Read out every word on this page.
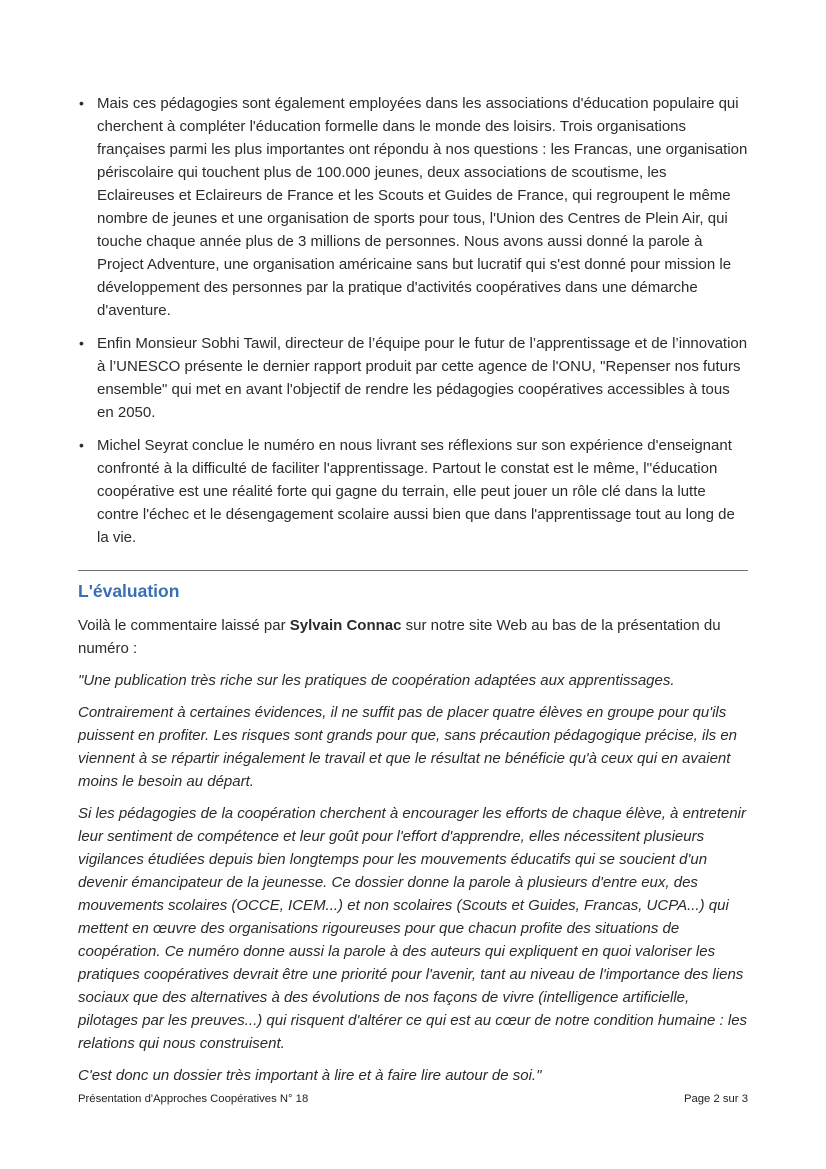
• Mais ces pédagogies sont également employées dans les associations d'éducation populaire qui cherchent à compléter l'éducation formelle dans le monde des loisirs. Trois organisations françaises parmi les plus importantes ont répondu à nos questions : les Francas, une organisation périscolaire qui touchent plus de 100.000 jeunes, deux associations de scoutisme, les Eclaireuses et Eclaireurs de France et les Scouts et Guides de France, qui regroupent le même nombre de jeunes et une organisation de sports pour tous, l'Union des Centres de Plein Air, qui touche chaque année plus de 3 millions de personnes. Nous avons aussi donné la parole à Project Adventure, une organisation américaine sans but lucratif qui s'est donné pour mission le développement des personnes par la pratique d'activités coopératives dans une démarche d'aventure.
• Enfin Monsieur Sobhi Tawil, directeur de l’équipe pour le futur de l’apprentissage et de l’innovation à l’UNESCO présente le dernier rapport produit par cette agence de l'ONU, "Repenser nos futurs ensemble" qui met en avant l'objectif de rendre les pédagogies coopératives accessibles à tous en 2050.
• Michel Seyrat conclue le numéro en nous livrant ses réflexions sur son expérience d'enseignant confronté à la difficulté de faciliter l'apprentissage. Partout le constat est le même, l''éducation coopérative est une réalité forte qui gagne du terrain, elle peut jouer un rôle clé dans la lutte contre l'échec et le désengagement scolaire aussi bien que dans l'apprentissage tout au long de la vie.
L'évaluation

Voilà le commentaire laissé par Sylvain Connac sur notre site Web au bas de la présentation du numéro :

"Une publication très riche sur les pratiques de coopération adaptées aux apprentissages.

Contrairement à certaines évidences, il ne suffit pas de placer quatre élèves en groupe pour qu'ils puissent en profiter. Les risques sont grands pour que, sans précaution pédagogique précise, ils en viennent à se répartir inégalement le travail et que le résultat ne bénéficie qu'à ceux qui en avaient moins le besoin au départ.

Si les pédagogies de la coopération cherchent à encourager les efforts de chaque élève, à entretenir leur sentiment de compétence et leur goût pour l'effort d'apprendre, elles nécessitent plusieurs vigilances étudiées depuis bien longtemps pour les mouvements éducatifs qui se soucient d'un devenir émancipateur de la jeunesse. Ce dossier donne la parole à plusieurs d'entre eux, des mouvements scolaires (OCCE, ICEM...) et non scolaires (Scouts et Guides, Francas, UCPA...) qui mettent en œuvre des organisations rigoureuses pour que chacun profite des situations de coopération. Ce numéro donne aussi la parole à des auteurs qui expliquent en quoi valoriser les pratiques coopératives devrait être une priorité pour l'avenir, tant au niveau de l'importance des liens sociaux que des alternatives à des évolutions de nos façons de vivre (intelligence artificielle, pilotages par les preuves...) qui risquent d'altérer ce qui est au cœur de notre condition humaine : les relations qui nous construisent.

C'est donc un dossier très important à lire et à faire lire autour de soi."

Présentation d'Approches Coopératives N° 18	Page 2 sur 3
